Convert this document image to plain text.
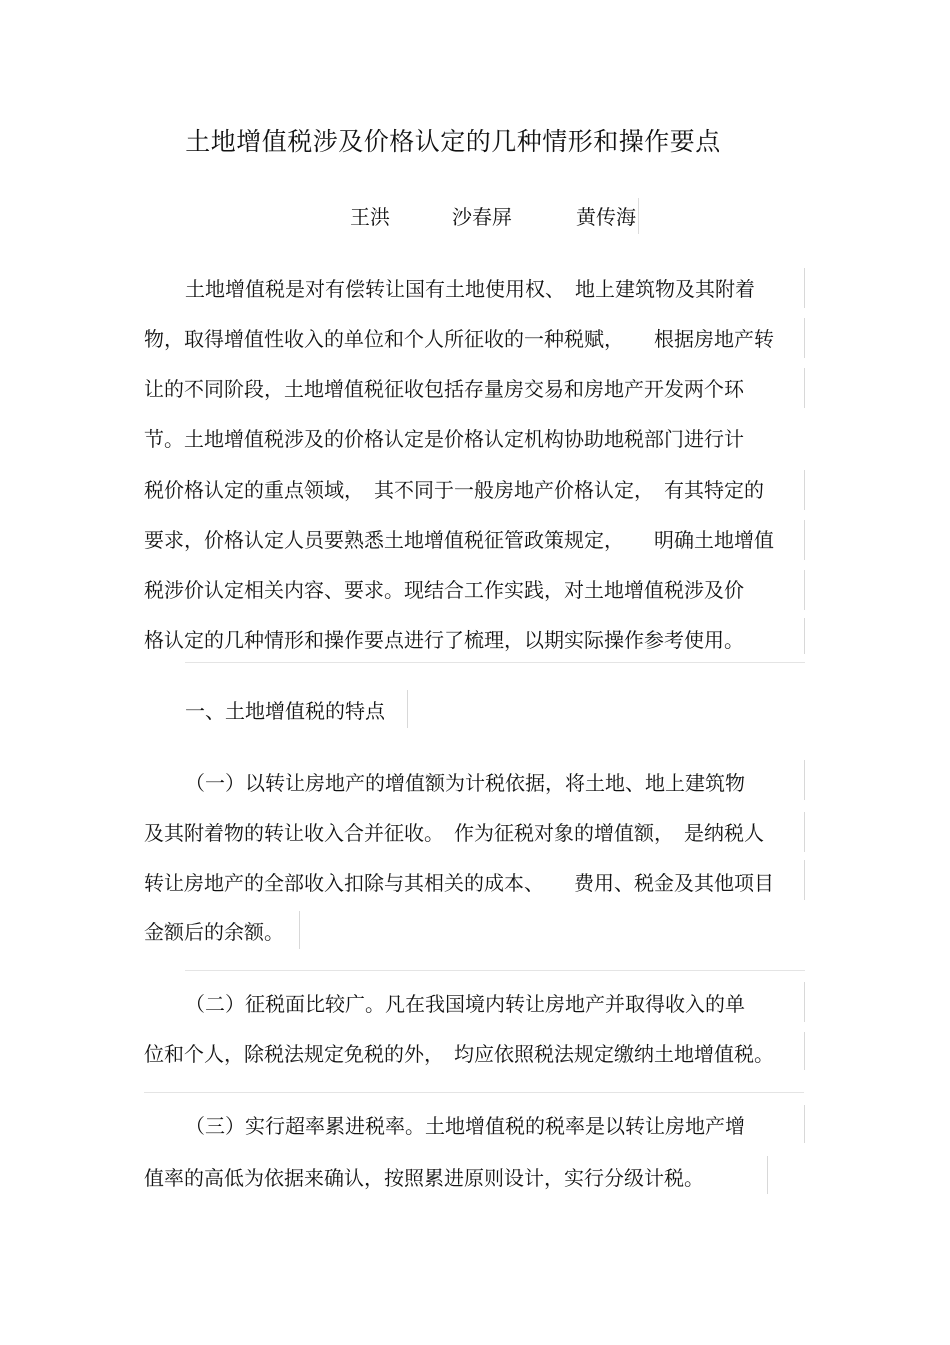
土地增值税涉及价格认定的几种情形和操作要点
王洪	沙春屏	黄传海
土地增值税是对有偿转让国有土地使用权、　地上建筑物及其附着
物，取得增值性收入的单位和个人所征收的一种税赋，　　根据房地产转
让的不同阶段，土地增值税征收包括存量房交易和房地产开发两个环
节。土地增值税涉及的价格认定是价格认定机构协助地税部门进行计
税价格认定的重点领域，　其不同于一般房地产价格认定，　有其特定的
要求，价格认定人员要熟悉土地增值税征管政策规定，　　明确土地增值
税涉价认定相关内容、要求。现结合工作实践，对土地增值税涉及价
格认定的几种情形和操作要点进行了梳理，以期实际操作参考使用。
一、土地增值税的特点
（一）以转让房地产的增值额为计税依据，将土地、地上建筑物
及其附着物的转让收入合并征收。　作为征税对象的增值额，　是纳税人
转让房地产的全部收入扣除与其相关的成本、　　费用、税金及其他项目
金额后的余额。
（二）征税面比较广。凡在我国境内转让房地产并取得收入的单
位和个人，除税法规定免税的外，　均应依照税法规定缴纳土地增值税。
（三）实行超率累进税率。土地增值税的税率是以转让房地产增
值率的高低为依据来确认，按照累进原则设计，实行分级计税。
